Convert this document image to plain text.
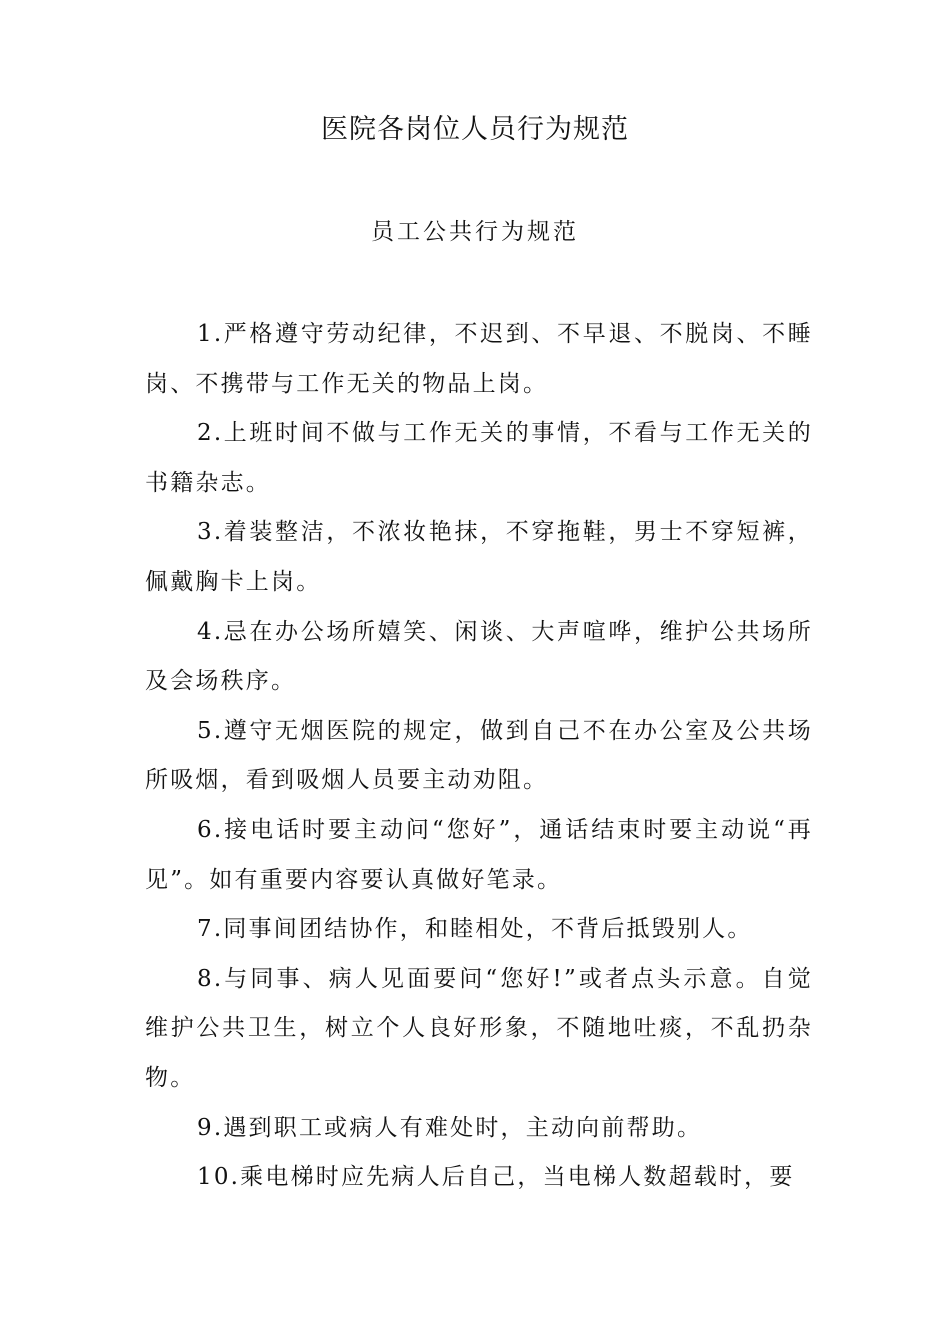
医院各岗位人员行为规范
员工公共行为规范

1.严格遵守劳动纪律，不迟到、不早退、不脱岗、不睡岗、不携带与工作无关的物品上岗。

2.上班时间不做与工作无关的事情，不看与工作无关的书籍杂志。

3.着装整洁，不浓妆艳抹，不穿拖鞋，男士不穿短裤，佩戴胸卡上岗。

4.忌在办公场所嬉笑、闲谈、大声喧哗，维护公共场所及会场秩序。

5.遵守无烟医院的规定，做到自己不在办公室及公共场所吸烟，看到吸烟人员要主动劝阻。

6.接电话时要主动问“您好”，通话结束时要主动说“再见”。如有重要内容要认真做好笔录。

7.同事间团结协作，和睦相处，不背后抵毁别人。

8.与同事、病人见面要问“您好!”或者点头示意。自觉维护公共卫生，树立个人良好形象，不随地吐痰，不乱扔杂物。

9.遇到职工或病人有难处时，主动向前帮助。

10.乘电梯时应先病人后自己，当电梯人数超载时，要
